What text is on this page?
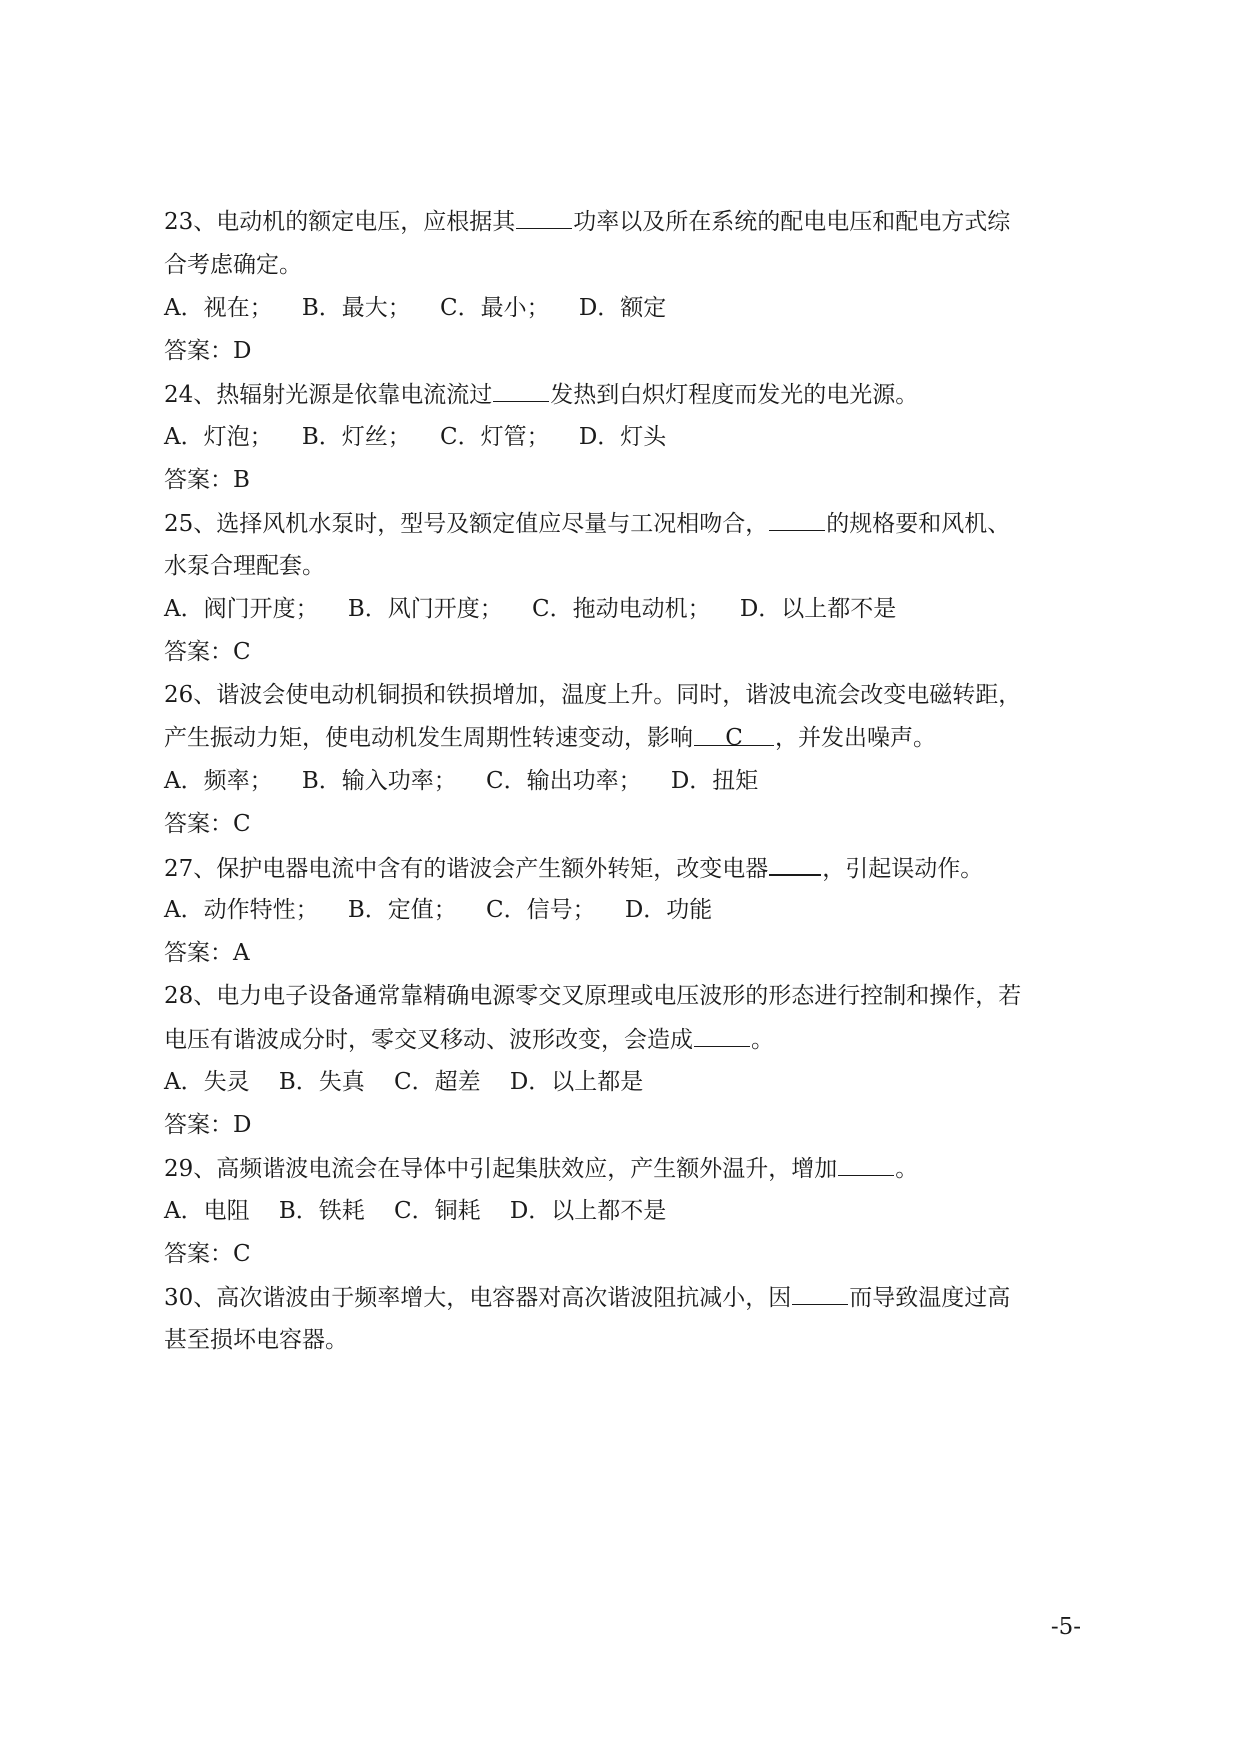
23、电动机的额定电压，应根据其	功率以及所在系统的配电电压和配电方式综
合考虑确定。
A．视在；    B．最大；    C．最小；    D．额定
答案：D
24、热辐射光源是依靠电流流过	发热到白炽灯程度而发光的电光源。
A．灯泡；    B．灯丝；    C．灯管；    D．灯头
答案：B
25、选择风机水泵时，型号及额定值应尽量与工况相吻合，	的规格要和风机、
水泵合理配套。
A．阀门开度；    B．风门开度；    C．拖动电动机；    D．以上都不是
答案：C
26、谐波会使电动机铜损和铁损增加，温度上升。同时，谐波电流会改变电磁转距，
产生振动力矩，使电动机发生周期性转速变动，影响 C ，并发出噪声。
A．频率；    B．输入功率；    C．输出功率；    D．扭矩
答案：C
27、保护电器电流中含有的谐波会产生额外转矩，改变电器 ，引起误动作。
A．动作特性；    B．定值；    C．信号；    D．功能
答案：A
28、电力电子设备通常靠精确电源零交叉原理或电压波形的形态进行控制和操作，若
电压有谐波成分时，零交叉移动、波形改变，会造成	。
A．失灵    B．失真    C．超差    D．以上都是
答案：D
29、高频谐波电流会在导体中引起集肤效应，产生额外温升，增加	。
A．电阻    B．铁耗    C．铜耗    D．以上都不是
答案：C
30、高次谐波由于频率增大，电容器对高次谐波阻抗减小，因	而导致温度过高
甚至损坏电容器。
-5-
